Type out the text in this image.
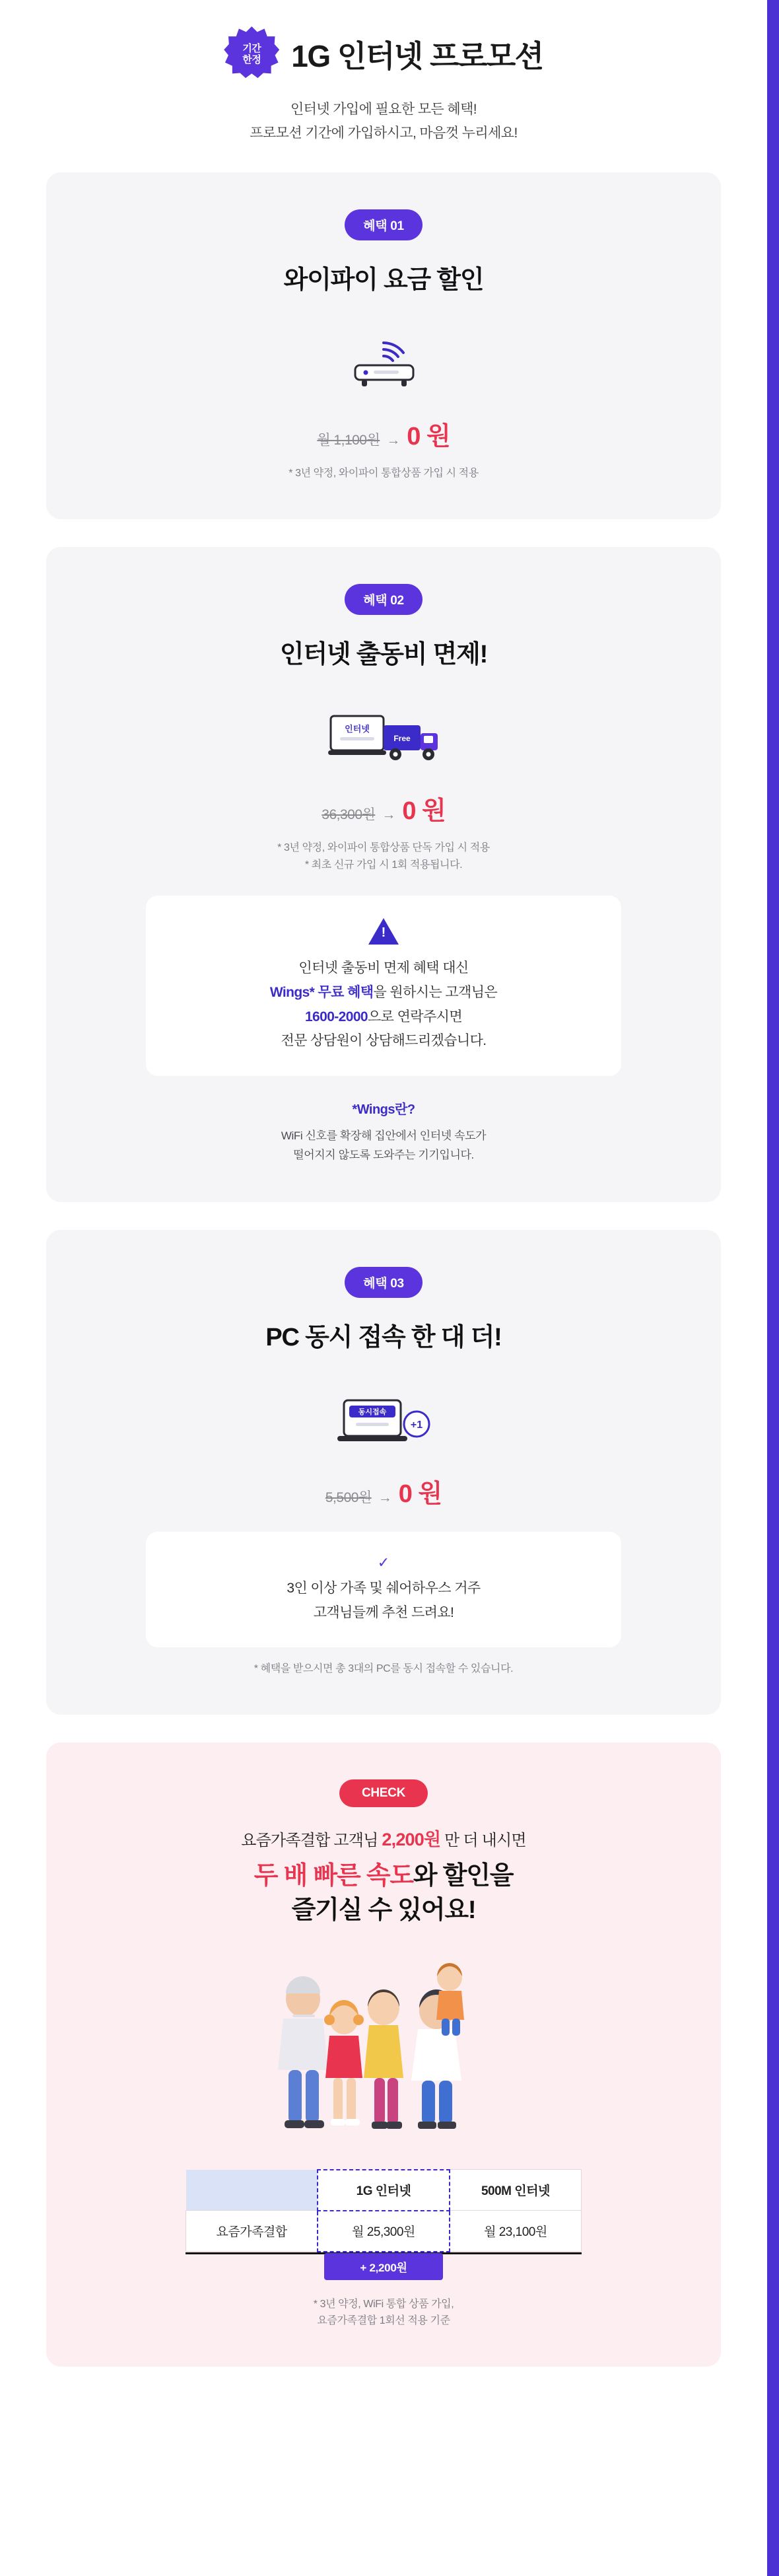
기간
한정 1G 인터넷 프로모션
인터넷 가입에 필요한 모든 혜택!
프로모션 기간에 가입하시고, 마음껏 누리세요!
혜택 01
와이파이 요금 할인
월 1,100원 → 0 원
* 3년 약정, 와이파이 통합상품 가입 시 적용
혜택 02
인터넷 출동비 면제!
인터넷
Free
36,300원 → 0 원
* 3년 약정, 와이파이 통합상품 단독 가입 시 적용
* 최초 신규 가입 시 1회 적용됩니다.
!
인터넷 출동비 면제 혜택 대신
Wings* 무료 혜택을 원하시는 고객님은
1600-2000으로 연락주시면
전문 상담원이 상담해드리겠습니다.
*Wings란?
WiFi 신호를 확장해 집안에서 인터넷 속도가
떨어지지 않도록 도와주는 기기입니다.
혜택 03
PC 동시 접속 한 대 더!
동시접속
+1
5,500원 → 0 원
✓
3인 이상 가족 및 쉐어하우스 거주
고객님들께 추천 드려요!
* 혜택을 받으시면 총 3대의 PC를 동시 접속할 수 있습니다.
CHECK
요즘가족결합 고객님 2,200원 만 더 내시면
두 배 빠른 속도와 할인을
즐기실 수 있어요!
	1G 인터넷	500M 인터넷
요즘가족결합	월 25,300원	월 23,100원
+ 2,200원
* 3년 약정, WiFi 통합 상품 가입,
요즘가족결합 1회선 적용 기준
